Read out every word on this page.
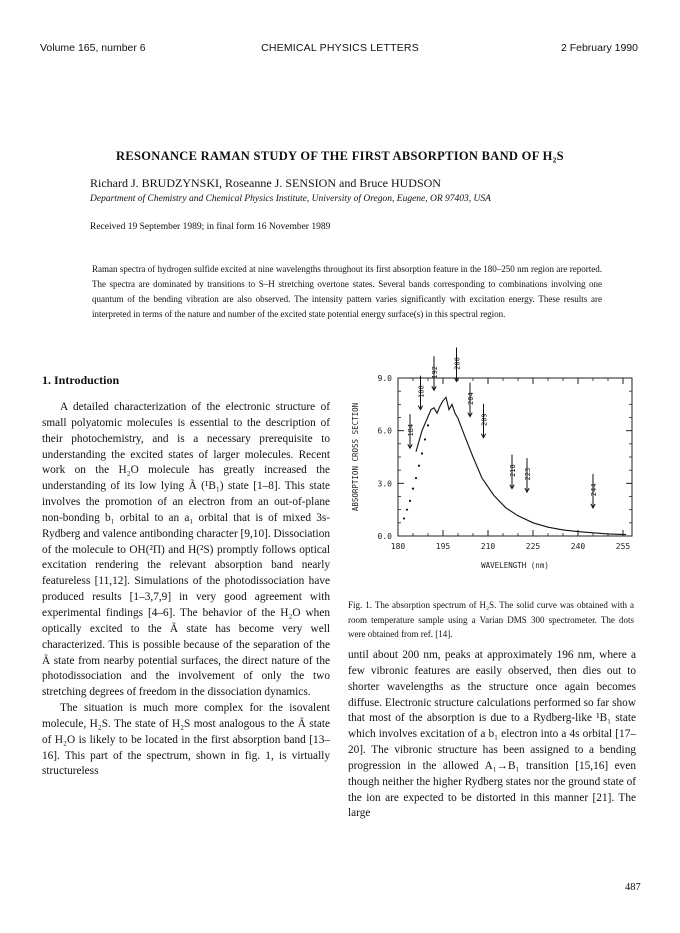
Volume 165, number 6	CHEMICAL PHYSICS LETTERS	2 February 1990
RESONANCE RAMAN STUDY OF THE FIRST ABSORPTION BAND OF H₂S
Richard J. BRUDZYNSKI, Roseanne J. SENSION and Bruce HUDSON
Department of Chemistry and Chemical Physics Institute, University of Oregon, Eugene, OR 97403, USA
Received 19 September 1989; in final form 16 November 1989
Raman spectra of hydrogen sulfide excited at nine wavelengths throughout its first absorption feature in the 180–250 nm region are reported. The spectra are dominated by transitions to S–H stretching overtone states. Several bands corresponding to combinations involving one quantum of the bending vibration are also observed. The intensity pattern varies significantly with excitation energy. These results are interpreted in terms of the nature and number of the excited state potential energy surface(s) in this spectral region.
1. Introduction

A detailed characterization of the electronic structure of small polyatomic molecules is essential to the description of their photochemistry, and is a necessary prerequisite to understanding the excited states of larger molecules. Recent work on the H₂O molecule has greatly increased the understanding of its low lying Ã (¹B₁) state [1–8]. This state involves the promotion of an electron from an out-of-plane non-bonding b₁ orbital to an a₁ orbital that is of mixed 3s-Rydberg and valence antibonding character [9,10]. Dissociation of the molecule to OH(²Π) and H(²S) promptly follows optical excitation rendering the relevant absorption band nearly featureless [11,12]. Simulations of the photodissociation have produced results [1–3,7,9] in very good agreement with experimental findings [4–6]. The behavior of the H₂O when optically excited to the Ã state has become very well characterized. This is possible because of the separation of the Ã state from nearby potential surfaces, the direct nature of the photodissociation and the involvement of only the two stretching degrees of freedom in the dissociation dynamics.

The situation is much more complex for the isovalent molecule, H₂S. The state of H₂S most analogous to the Ã state of H₂O is likely to be located in the first absorption band [13–16]. This part of the spectrum, shown in fig. 1, is virtually structureless

0.0
3.0
6.0
9.0
180	195	210	225	240	255
WAVELENGTH (nm)
ABSORPTION CROSS SECTION	184
188
192
200
204
209
218 223
244
Fig. 1. The absorption spectrum of H₂S. The solid curve was obtained with a room temperature sample using a Varian DMS 300 spectrometer. The dots were obtained from ref. [14].

until about 200 nm, peaks at approximately 196 nm, where a few vibronic features are easily observed, then dies out to shorter wavelengths as the structure once again becomes diffuse. Electronic structure calculations performed so far show that most of the absorption is due to a Rydberg-like ¹B₁ state which involves excitation of a b₁ electron into a 4s orbital [17–20]. The vibronic structure has been assigned to a bending progression in the allowed A₁→B₁ transition [15,16] even though neither the higher Rydberg states nor the ground state of the ion are expected to be distorted in this manner [21]. The large

487
